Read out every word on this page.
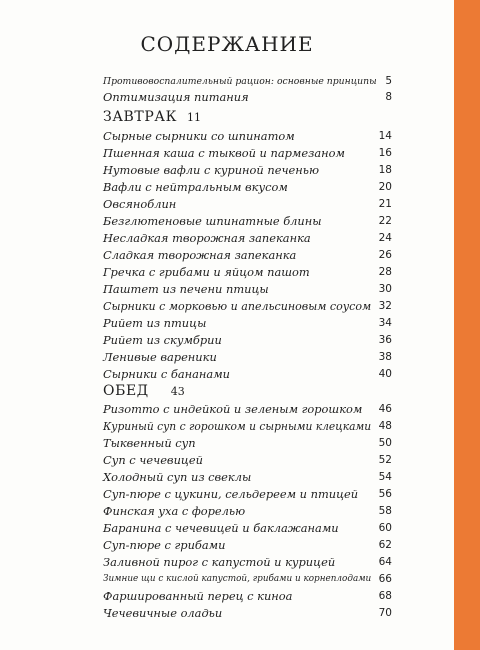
СОДЕРЖАНИЕ
Противовоспалительный рацион: основные принципы 5
Оптимизация питания	8
ЗАВТРАК 11
Сырные сырники со шпинатом	14
Пшенная каша с тыквой и пармезаном	16
Нутовые вафли с куриной печенью	18
Вафли с нейтральным вкусом	20
Овсяноблин	21
Безглютеновые шпинатные блины	22
Несладкая творожная запеканка	24
Сладкая творожная запеканка	26
Гречка с грибами и яйцом пашот	28
Паштет из печени птицы	30
Сырники с морковью и апельсиновым соусом 32
Рийет из птицы	34
Рийет из скумбрии	36
Ленивые вареники	38
Сырники с бананами	40
ОБЕД 43
Ризотто с индейкой и зеленым горошком 46
Куриный суп с горошком и сырными клецками 48
Тыквенный суп	50
Суп с чечевицей	52
Холодный суп из свеклы	54
Суп-пюре с цукини, сельдереем и птицей 56
Финская уха с форелью	58
Баранина с чечевицей и баклажанами	60
Суп-пюре с грибами	62
Заливной пирог с капустой и курицей	64
Зимние щи с кислой капустой, грибами и корнеплодами 66
Фаршированный перец с киноа	68
Чечевичные оладьи	70
